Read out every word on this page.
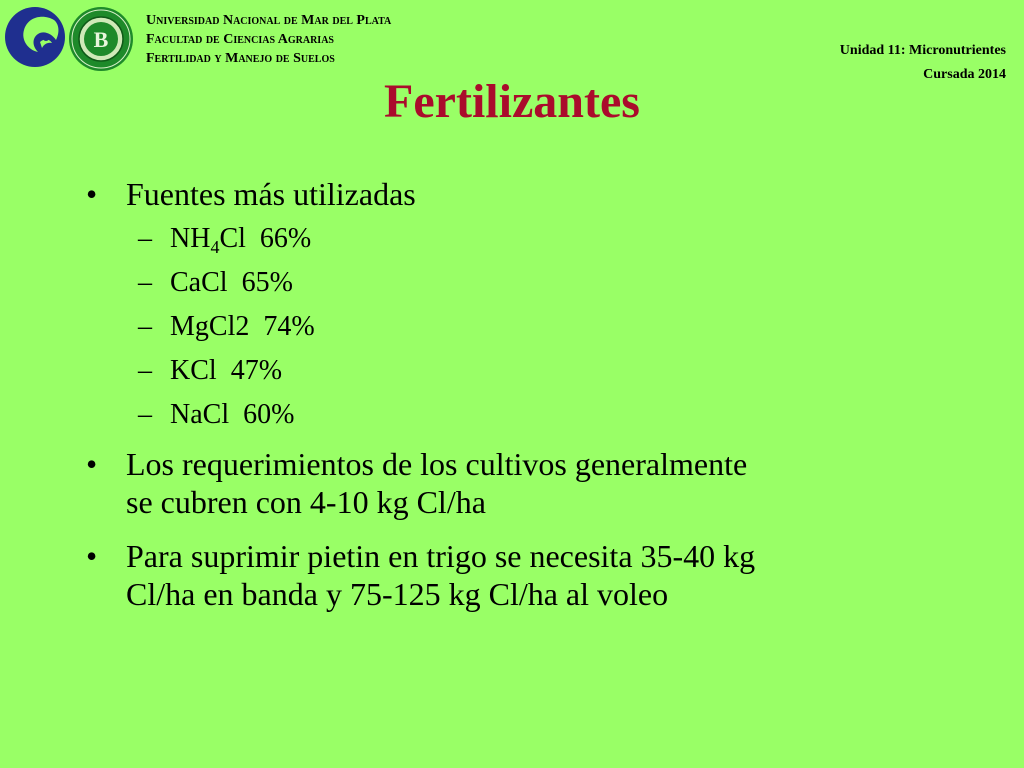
B
Universidad Nacional de Mar del Plata
Facultad de Ciencias Agrarias
Fertilidad y Manejo de Suelos
Unidad 11: Micronutrientes
Cursada 2014
Fertilizantes
• Fuentes más utilizadas
– $NH_4Cl$ 66%
– CaCl 65%
– MgCl2 74%
– KCl 47%
– NaCl 60%
• Los requerimientos de los cultivos generalmente
se cubren con 4-10 kg Cl/ha
• Para suprimir pietin en trigo se necesita 35-40 kg
Cl/ha en banda y 75-125 kg Cl/ha al voleo
